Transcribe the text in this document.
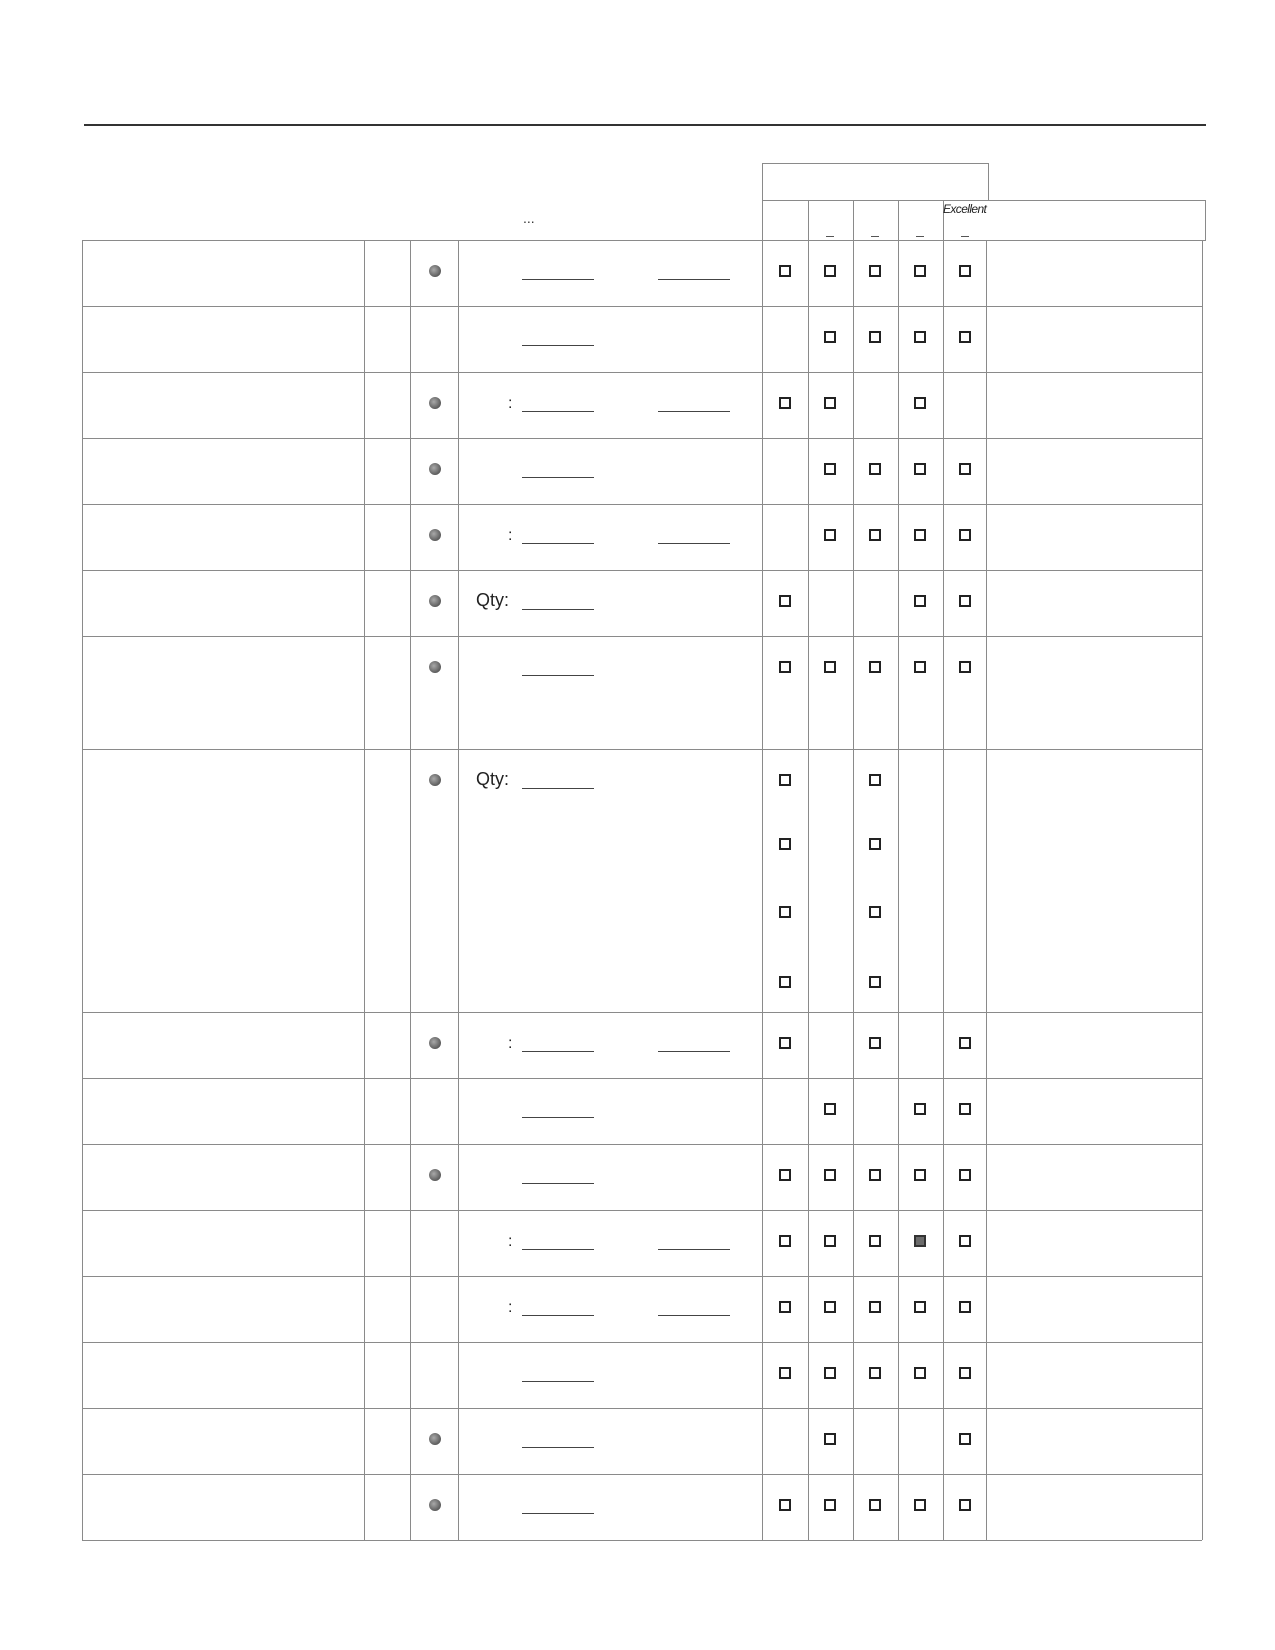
:
:
Qty:
Qty:
:
:
:
...
Excellent
